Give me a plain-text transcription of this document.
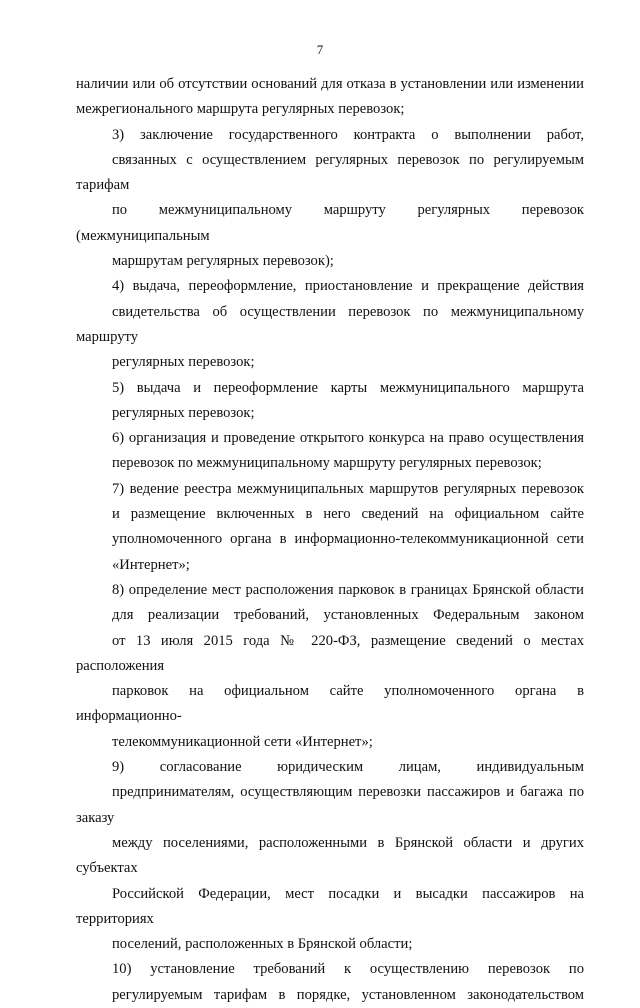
7

наличии или об отсутствии оснований для отказа в установлении или изменении
межрегионального маршрута регулярных перевозок;

3) заключение государственного контракта о выполнении работ,
связанных с осуществлением регулярных перевозок по регулируемым тарифам
по межмуниципальному маршруту регулярных перевозок (межмуниципальным
маршрутам регулярных перевозок);

4) выдача, переоформление, приостановление и прекращение действия
свидетельства об осуществлении перевозок по межмуниципальному маршруту
регулярных перевозок;

5) выдача и переоформление карты межмуниципального маршрута
регулярных перевозок;

6) организация и проведение открытого конкурса на право осуществления
перевозок по межмуниципальному маршруту регулярных перевозок;

7) ведение реестра межмуниципальных маршрутов регулярных перевозок
и размещение включенных в него сведений на официальном сайте
уполномоченного органа в информационно-телекоммуникационной сети
«Интернет»;

8) определение мест расположения парковок в границах Брянской области
для реализации требований, установленных Федеральным законом
от 13 июля 2015 года № 220-ФЗ, размещение сведений о местах расположения
парковок на официальном сайте уполномоченного органа в информационно-
телекоммуникационной сети «Интернет»;

9) согласование юридическим лицам, индивидуальным
предпринимателям, осуществляющим перевозки пассажиров и багажа по заказу
между поселениями, расположенными в Брянской области и других субъектах
Российской Федерации, мест посадки и высадки пассажиров на территориях
поселений, расположенных в Брянской области;

10) установление требований к осуществлению перевозок по
регулируемым тарифам в порядке, установленном законодательством
